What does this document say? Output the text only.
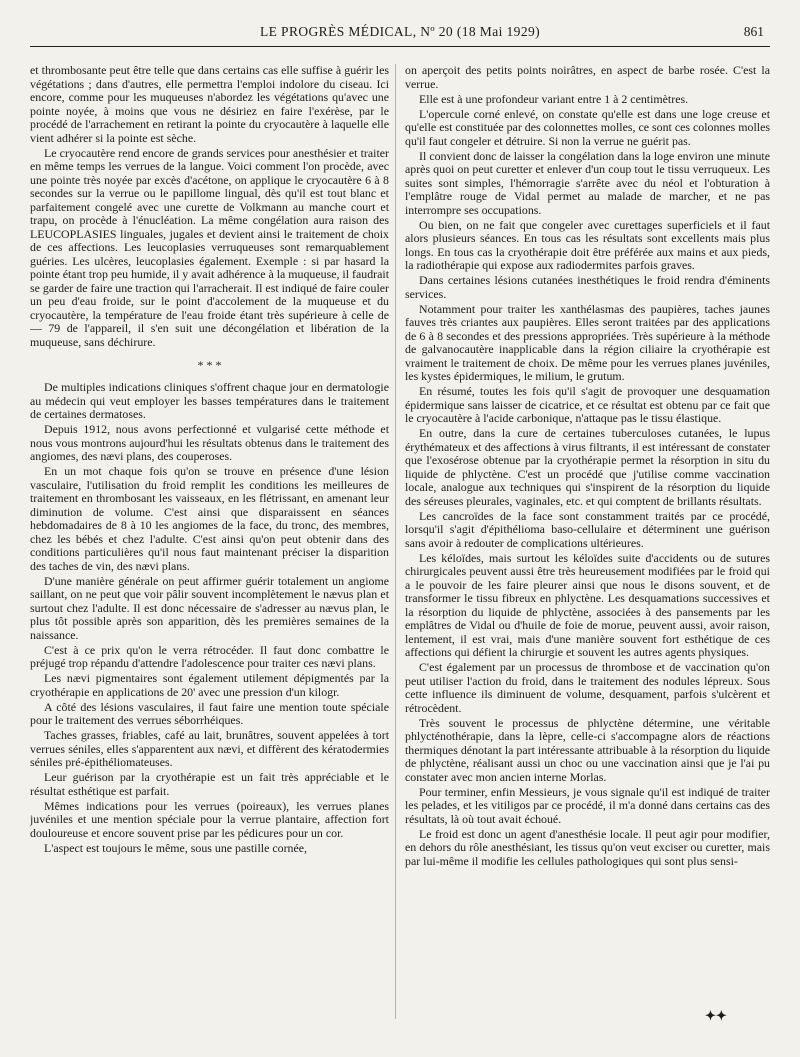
LE PROGRÈS MÉDICAL, Nº 20 (18 Mai 1929)	861

et thrombosante peut être telle que dans certains cas elle suffise à guérir les végétations ; dans d'autres, elle permettra l'emploi indolore du ciseau. Ici encore, comme pour les muqueuses n'abordez les végétations qu'avec une pointe noyée, à moins que vous ne désiriez en faire l'exérèse, par le procédé de l'arrachement en retirant la pointe du cryocautère à laquelle elle vient adhérer si la pointe est sèche.

Le cryocautère rend encore de grands services pour anesthésier et traiter en même temps les verrues de la langue. Voici comment l'on procède, avec une pointe très noyée par excès d'acétone, on applique le cryocautère 6 à 8 secondes sur la verrue ou le papillome lingual, dès qu'il est tout blanc et parfaitement congelé avec une curette de Volkmann au manche court et trapu, on procède à l'énucléation. La même congélation aura raison des LEUCOPLASIES linguales, jugales et devient ainsi le traitement de choix de ces affections. Les leucoplasies verruqueuses sont remarquablement guéries. Les ulcères, leucoplasies également. Exemple : si par hasard la pointe étant trop peu humide, il y avait adhérence à la muqueuse, il faudrait se garder de faire une traction qui l'arracherait. Il est indiqué de faire couler un peu d'eau froide, sur le point d'accolement de la muqueuse et du cryocautère, la température de l'eau froide étant très supérieure à celle de — 79 de l'appareil, il s'en suit une décongélation et libération de la muqueuse, sans déchirure.

* * *

De multiples indications cliniques s'offrent chaque jour en dermatologie au médecin qui veut employer les basses températures dans le traitement de certaines dermatoses.

Depuis 1912, nous avons perfectionné et vulgarisé cette méthode et nous vous montrons aujourd'hui les résultats obtenus dans le traitement des angiomes, des nævi plans, des couperoses.

En un mot chaque fois qu'on se trouve en présence d'une lésion vasculaire, l'utilisation du froid remplit les conditions les meilleures de traitement en thrombosant les vaisseaux, en les flétrissant, en amenant leur diminution de volume. C'est ainsi que disparaissent en séances hebdomadaires de 8 à 10 les angiomes de la face, du tronc, des membres, chez les bébés et chez l'adulte. C'est ainsi qu'on peut obtenir dans des conditions particulières qu'il nous faut maintenant préciser la disparition des taches de vin, des nævi plans.

D'une manière générale on peut affirmer guérir totalement un angiome saillant, on ne peut que voir pâlir souvent incomplètement le nævus plan et surtout chez l'adulte. Il est donc nécessaire de s'adresser au nævus plan, le plus tôt possible après son apparition, dès les premières semaines de la naissance.

C'est à ce prix qu'on le verra rétrocéder. Il faut donc combattre le préjugé trop répandu d'attendre l'adolescence pour traiter ces nævi plans.

Les nævi pigmentaires sont également utilement dépigmentés par la cryothérapie en applications de 20' avec une pression d'un kilogr.

A côté des lésions vasculaires, il faut faire une mention toute spéciale pour le traitement des verrues séborrhéiques.

Taches grasses, friables, café au lait, brunâtres, souvent appelées à tort verrues séniles, elles s'apparentent aux nævi, et diffèrent des kératodermies séniles pré-épithéliomateuses.

Leur guérison par la cryothérapie est un fait très appréciable et le résultat esthétique est parfait.

Mêmes indications pour les verrues (poireaux), les verrues planes juvéniles et une mention spéciale pour la verrue plantaire, affection fort douloureuse et encore souvent prise par les pédicures pour un cor.

L'aspect est toujours le même, sous une pastille cornée,

on aperçoit des petits points noirâtres, en aspect de barbe rosée. C'est la verrue.

Elle est à une profondeur variant entre 1 à 2 centimètres.

L'opercule corné enlevé, on constate qu'elle est dans une loge creuse et qu'elle est constituée par des colonnettes molles, ce sont ces colonnes molles qu'il faut congeler et détruire. Si non la verrue ne guérit pas.

Il convient donc de laisser la congélation dans la loge environ une minute après quoi on peut curetter et enlever d'un coup tout le tissu verruqueux. Les suites sont simples, l'hémorragie s'arrête avec du néol et l'obturation à l'emplâtre rouge de Vidal permet au malade de marcher, et ne pas interrompre ses occupations.

Ou bien, on ne fait que congeler avec curettages superficiels et il faut alors plusieurs séances. En tous cas les résultats sont excellents mais plus longs. En tous cas la cryothérapie doit être préférée aux mains et aux pieds, la radiothérapie qui expose aux radiodermites parfois graves.

Dans certaines lésions cutanées inesthétiques le froid rendra d'éminents services.

Notamment pour traiter les xanthélasmas des paupières, taches jaunes fauves très criantes aux paupières. Elles seront traitées par des applications de 6 à 8 secondes et des pressions appropriées. Très supérieure à la méthode de galvanocautère inapplicable dans la région ciliaire la cryothérapie est vraiment le traitement de choix. De même pour les verrues planes juvéniles, les kystes épidermiques, le milium, le grutum.

En résumé, toutes les fois qu'il s'agit de provoquer une desquamation épidermique sans laisser de cicatrice, et ce résultat est obtenu par ce fait que le cryocautère à l'acide carbonique, n'attaque pas le tissu élastique.

En outre, dans la cure de certaines tuberculoses cutanées, le lupus érythémateux et des affections à virus filtrants, il est intéressant de constater que l'exosérose obtenue par la cryothérapie permet la résorption in situ du liquide de phlyctène. C'est un procédé que j'utilise comme vaccination locale, analogue aux techniques qui s'inspirent de la résorption du liquide des séreuses pleurales, vaginales, etc. et qui comptent de brillants résultats.

Les cancroïdes de la face sont constamment traités par ce procédé, lorsqu'il s'agit d'épithélioma baso-cellulaire et déterminent une guérison sans avoir à redouter de complications ultérieures.

Les kéloïdes, mais surtout les kéloïdes suite d'accidents ou de sutures chirurgicales peuvent aussi être très heureusement modifiées par le froid qui a le pouvoir de les faire pleurer ainsi que nous le disons souvent, et de transformer le tissu fibreux en phlyctène. Les desquamations successives et la résorption du liquide de phlyctène, associées à des pansements par les emplâtres de Vidal ou d'huile de foie de morue, peuvent aussi, avoir raison, lentement, il est vrai, mais d'une manière souvent fort esthétique de ces affections qui défient la chirurgie et souvent les autres agents physiques.

C'est également par un processus de thrombose et de vaccination qu'on peut utiliser l'action du froid, dans le traitement des nodules lépreux. Sous cette influence ils diminuent de volume, desquament, parfois s'ulcèrent et rétrocèdent.

Très souvent le processus de phlyctène détermine, une véritable phlycténothérapie, dans la lèpre, celle-ci s'accompagne alors de réactions thermiques dénotant la part intéressante attribuable à la résorption du liquide de phlyctène, réalisant aussi un choc ou une vaccination ainsi que je l'ai pu constater avec mon ancien interne Morlas.

Pour terminer, enfin Messieurs, je vous signale qu'il est indiqué de traiter les pelades, et les vitiligos par ce procédé, il m'a donné dans certains cas des résultats, là où tout avait échoué.

Le froid est donc un agent d'anesthésie locale. Il peut agir pour modifier, en dehors du rôle anesthésiant, les tissus qu'on veut exciser ou curetter, mais par lui-même il modifie les cellules pathologiques qui sont plus sensi-

✦✦
